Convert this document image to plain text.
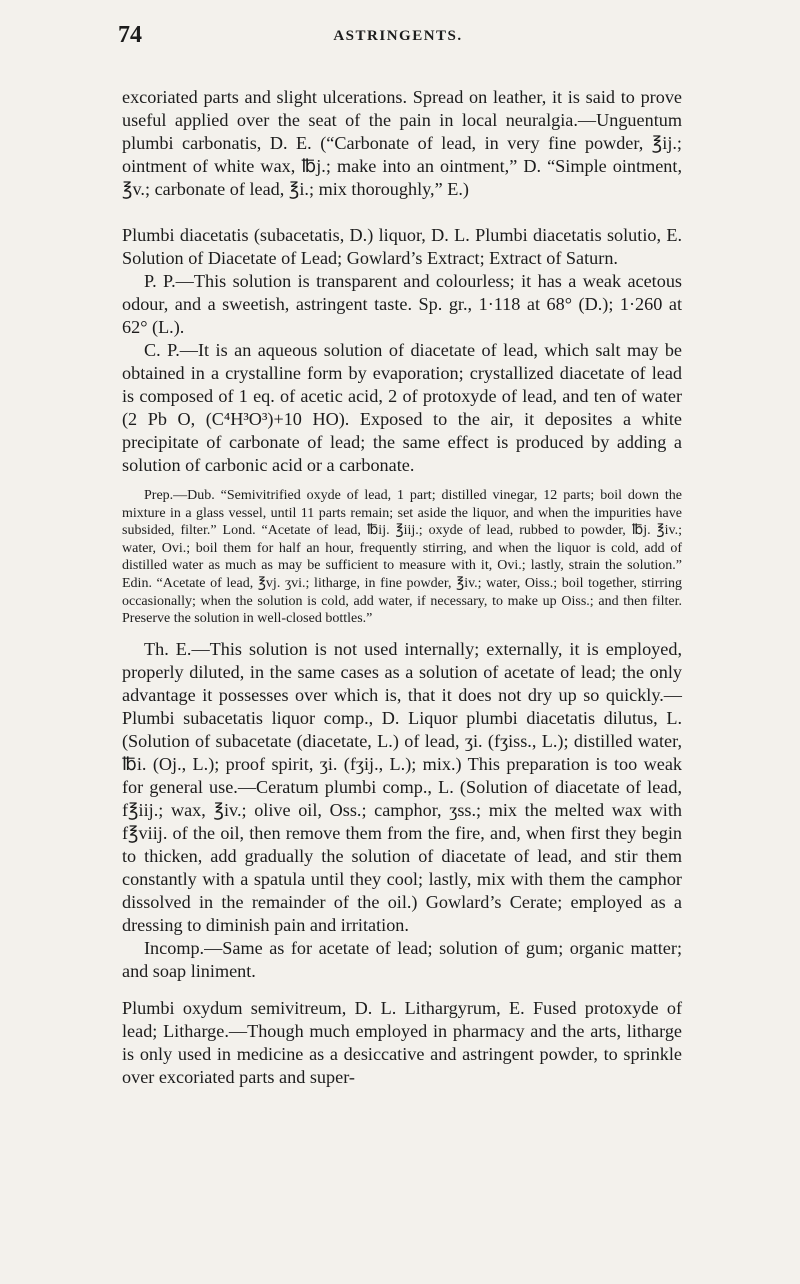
74	ASTRINGENTS.

excoriated parts and slight ulcerations. Spread on leather, it is said to prove useful applied over the seat of the pain in local neuralgia.—Unguentum plumbi carbonatis, D. E. (“Carbonate of lead, in very fine powder, ℥ij.; ointment of white wax, ℔j.; make into an ointment,” D. “Simple ointment, ℥v.; carbonate of lead, ℥i.; mix thoroughly,” E.)

Plumbi diacetatis (subacetatis, D.) liquor, D. L. Plumbi diacetatis solutio, E. Solution of Diacetate of Lead; Gowlard’s Extract; Extract of Saturn.

P. P.—This solution is transparent and colourless; it has a weak acetous odour, and a sweetish, astringent taste. Sp. gr., 1·118 at 68° (D.); 1·260 at 62° (L.).

C. P.—It is an aqueous solution of diacetate of lead, which salt may be obtained in a crystalline form by evaporation; crystallized diacetate of lead is composed of 1 eq. of acetic acid, 2 of protoxyde of lead, and ten of water (2 Pb O, (C⁴H³O³)+10 HO). Exposed to the air, it deposites a white precipitate of carbonate of lead; the same effect is produced by adding a solution of carbonic acid or a carbonate.

Prep.—Dub. “Semivitrified oxyde of lead, 1 part; distilled vinegar, 12 parts; boil down the mixture in a glass vessel, until 11 parts remain; set aside the liquor, and when the impurities have subsided, filter.” Lond. “Acetate of lead, ℔ij. ℥iij.; oxyde of lead, rubbed to powder, ℔j. ℥iv.; water, Ovi.; boil them for half an hour, frequently stirring, and when the liquor is cold, add of distilled water as much as may be sufficient to measure with it, Ovi.; lastly, strain the solution.” Edin. “Acetate of lead, ℥vj. ʒvi.; litharge, in fine powder, ℥iv.; water, Oiss.; boil together, stirring occasionally; when the solution is cold, add water, if necessary, to make up Oiss.; and then filter. Preserve the solution in well-closed bottles.”

Th. E.—This solution is not used internally; externally, it is employed, properly diluted, in the same cases as a solution of acetate of lead; the only advantage it possesses over which is, that it does not dry up so quickly.—Plumbi subacetatis liquor comp., D. Liquor plumbi diacetatis dilutus, L. (Solution of subacetate (diacetate, L.) of lead, ʒi. (fʒiss., L.); distilled water, ℔i. (Oj., L.); proof spirit, ʒi. (fʒij., L.); mix.) This preparation is too weak for general use.—Ceratum plumbi comp., L. (Solution of diacetate of lead, f℥iij.; wax, ℥iv.; olive oil, Oss.; camphor, ʒss.; mix the melted wax with f℥viij. of the oil, then remove them from the fire, and, when first they begin to thicken, add gradually the solution of diacetate of lead, and stir them constantly with a spatula until they cool; lastly, mix with them the camphor dissolved in the remainder of the oil.) Gowlard’s Cerate; employed as a dressing to diminish pain and irritation.

Incomp.—Same as for acetate of lead; solution of gum; organic matter; and soap liniment.

Plumbi oxydum semivitreum, D. L. Lithargyrum, E. Fused protoxyde of lead; Litharge.—Though much employed in pharmacy and the arts, litharge is only used in medicine as a desiccative and astringent powder, to sprinkle over excoriated parts and super-
